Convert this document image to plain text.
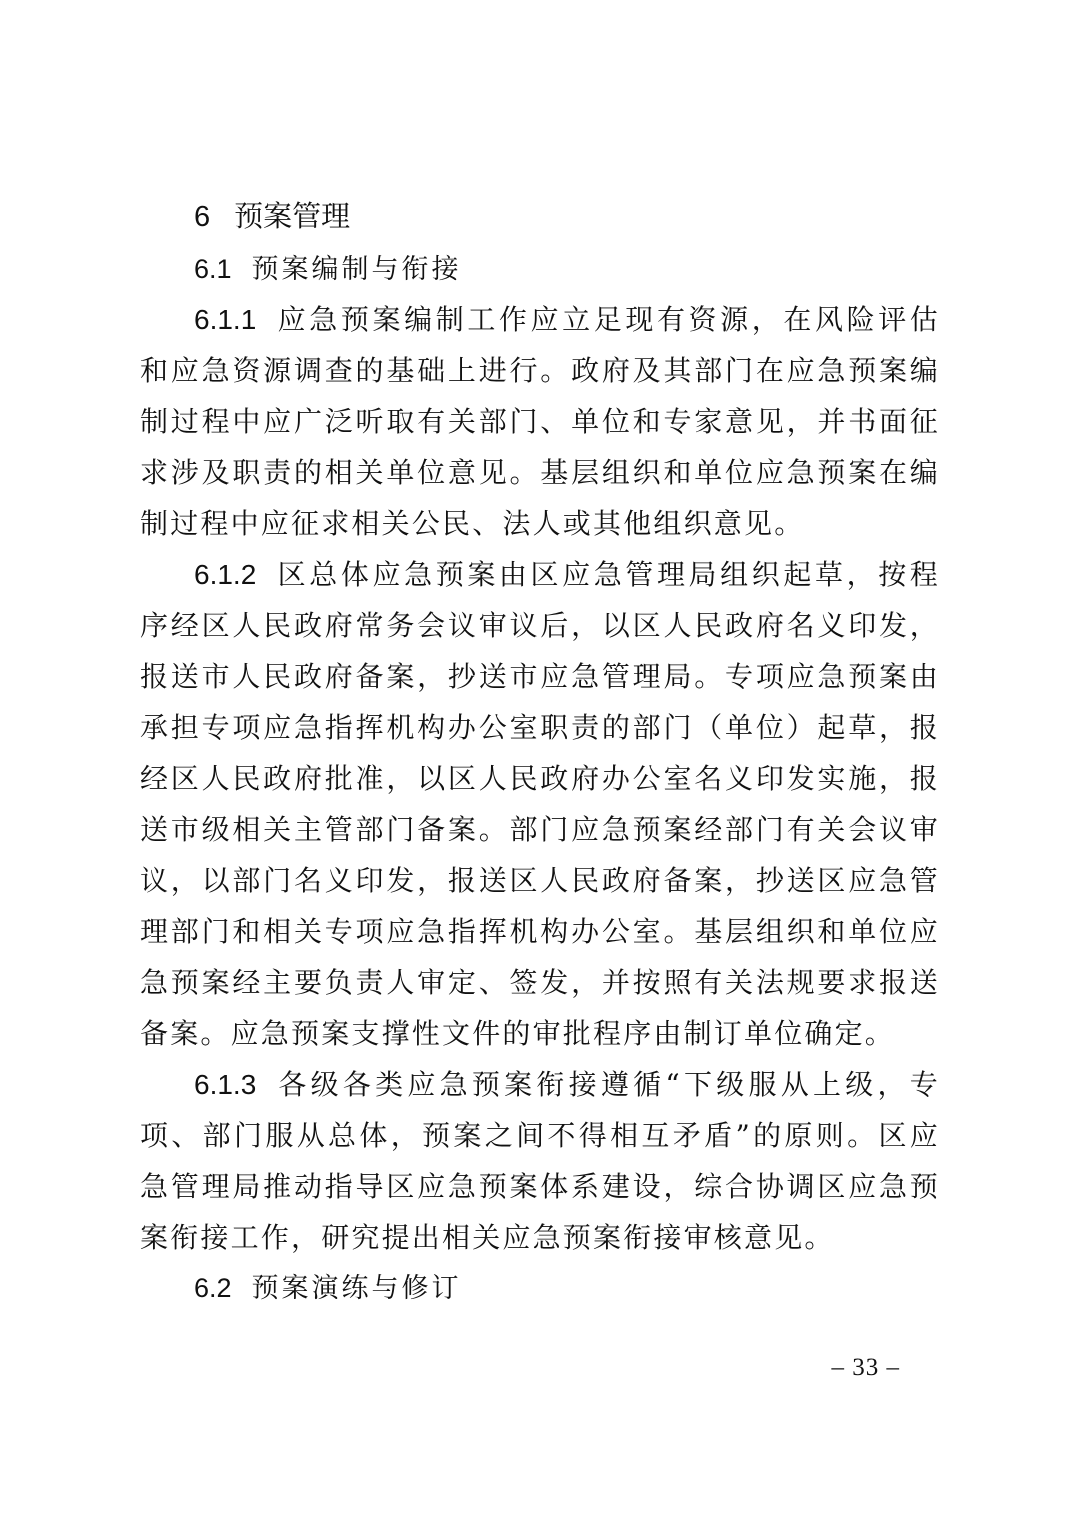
6 预案管理
6.1 预案编制与衔接

6.1.1 应急预案编制工作应立足现有资源，在风险评估和应急资源调查的基础上进行。政府及其部门在应急预案编制过程中应广泛听取有关部门、单位和专家意见，并书面征求涉及职责的相关单位意见。基层组织和单位应急预案在编制过程中应征求相关公民、法人或其他组织意见。

6.1.2 区总体应急预案由区应急管理局组织起草，按程序经区人民政府常务会议审议后，以区人民政府名义印发，报送市人民政府备案，抄送市应急管理局。专项应急预案由承担专项应急指挥机构办公室职责的部门（单位）起草，报经区人民政府批准，以区人民政府办公室名义印发实施，报送市级相关主管部门备案。部门应急预案经部门有关会议审议，以部门名义印发，报送区人民政府备案，抄送区应急管理部门和相关专项应急指挥机构办公室。基层组织和单位应急预案经主要负责人审定、签发，并按照有关法规要求报送备案。应急预案支撑性文件的审批程序由制订单位确定。

6.1.3 各级各类应急预案衔接遵循“下级服从上级，专项、部门服从总体，预案之间不得相互矛盾”的原则。区应急管理局推动指导区应急预案体系建设，综合协调区应急预案衔接工作，研究提出相关应急预案衔接审核意见。

6.2 预案演练与修订
– 33 –
